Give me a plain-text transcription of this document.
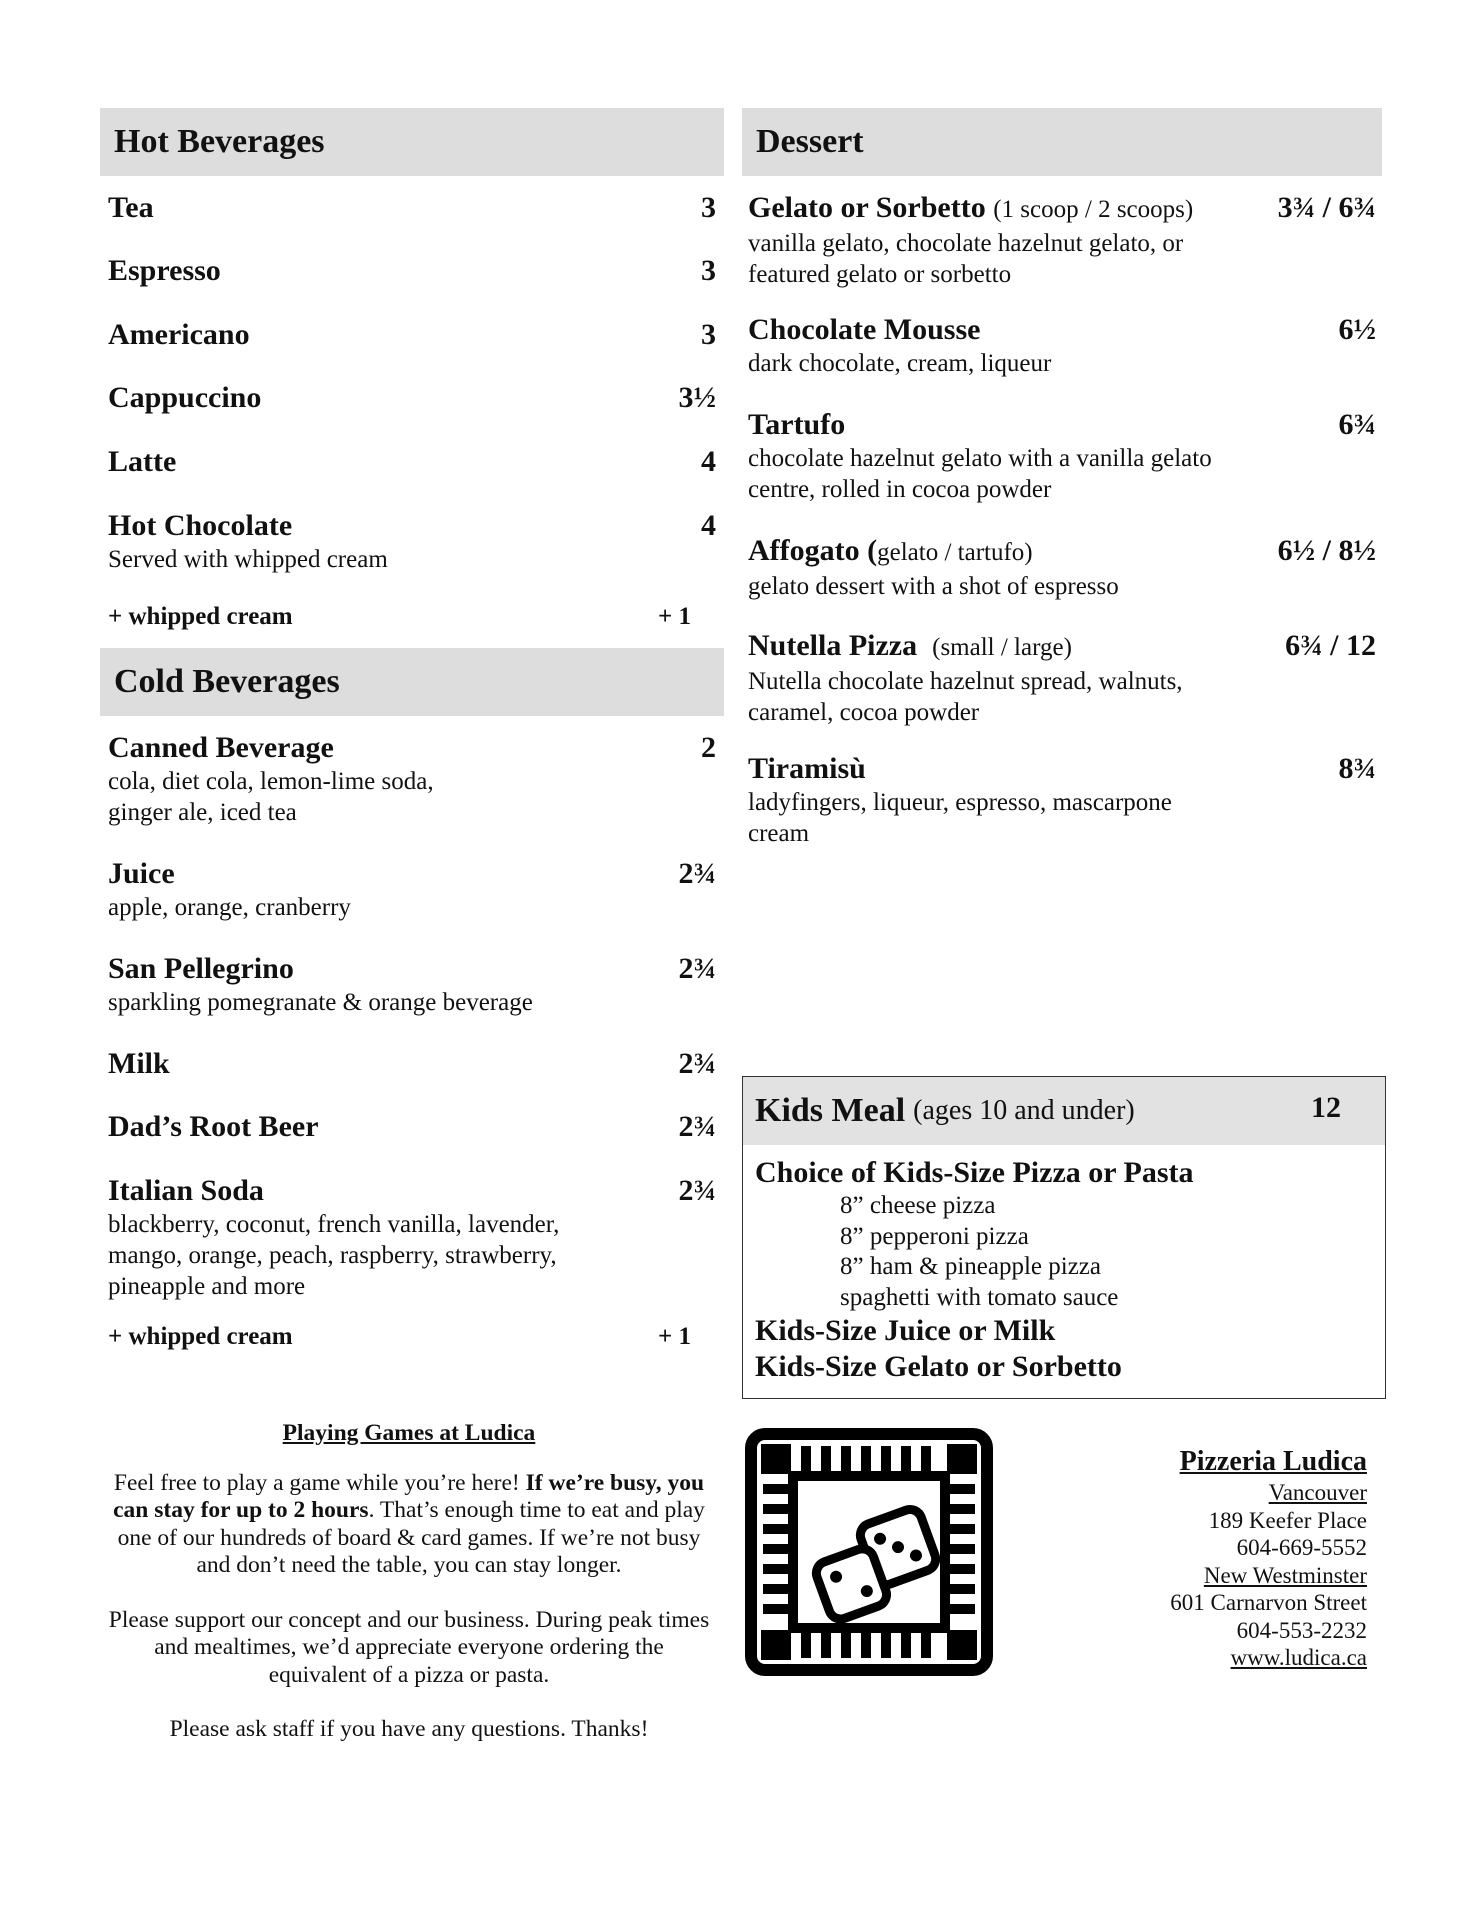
Hot Beverages
Tea	3
Espresso	3
Americano	3
Cappuccino	3½
Latte	4
Hot Chocolate	4
Served with whipped cream
+ whipped cream	+ 1
Cold Beverages
Canned Beverage	2
cola, diet cola, lemon-lime soda,
ginger ale, iced tea
Juice	2¾
apple, orange, cranberry
San Pellegrino	2¾
sparkling pomegranate & orange beverage
Milk	2¾
Dad’s Root Beer	2¾
Italian Soda	2¾
blackberry, coconut, french vanilla, lavender,
mango, orange, peach, raspberry, strawberry,
pineapple and more
+ whipped cream	+ 1
Dessert
Gelato or Sorbetto (1 scoop / 2 scoops)	3¾ / 6¾
vanilla gelato, chocolate hazelnut gelato, or
featured gelato or sorbetto
Chocolate Mousse	6½
dark chocolate, cream, liqueur
Tartufo	6¾
chocolate hazelnut gelato with a vanilla gelato
centre, rolled in cocoa powder
Affogato (gelato / tartufo)	6½ / 8½
gelato dessert with a shot of espresso
Nutella Pizza (small / large)	6¾ / 12
Nutella chocolate hazelnut spread, walnuts,
caramel, cocoa powder
Tiramisù	8¾
ladyfingers, liqueur, espresso, mascarpone
cream
Kids Meal (ages 10 and under)	12
Choice of Kids-Size Pizza or Pasta
8” cheese pizza
8” pepperoni pizza
8” ham & pineapple pizza
spaghetti with tomato sauce
Kids-Size Juice or Milk
Kids-Size Gelato or Sorbetto
Playing Games at Ludica

Feel free to play a game while you’re here! If we’re busy, you can stay for up to 2 hours. That’s enough time to eat and play one of our hundreds of board & card games. If we’re not busy and don’t need the table, you can stay longer.

Please support our concept and our business. During peak times and mealtimes, we’d appreciate everyone ordering the equivalent of a pizza or pasta.

Please ask staff if you have any questions. Thanks!

Pizzeria Ludica
Vancouver
189 Keefer Place
604-669-5552
New Westminster
601 Carnarvon Street
604-553-2232
www.ludica.ca
